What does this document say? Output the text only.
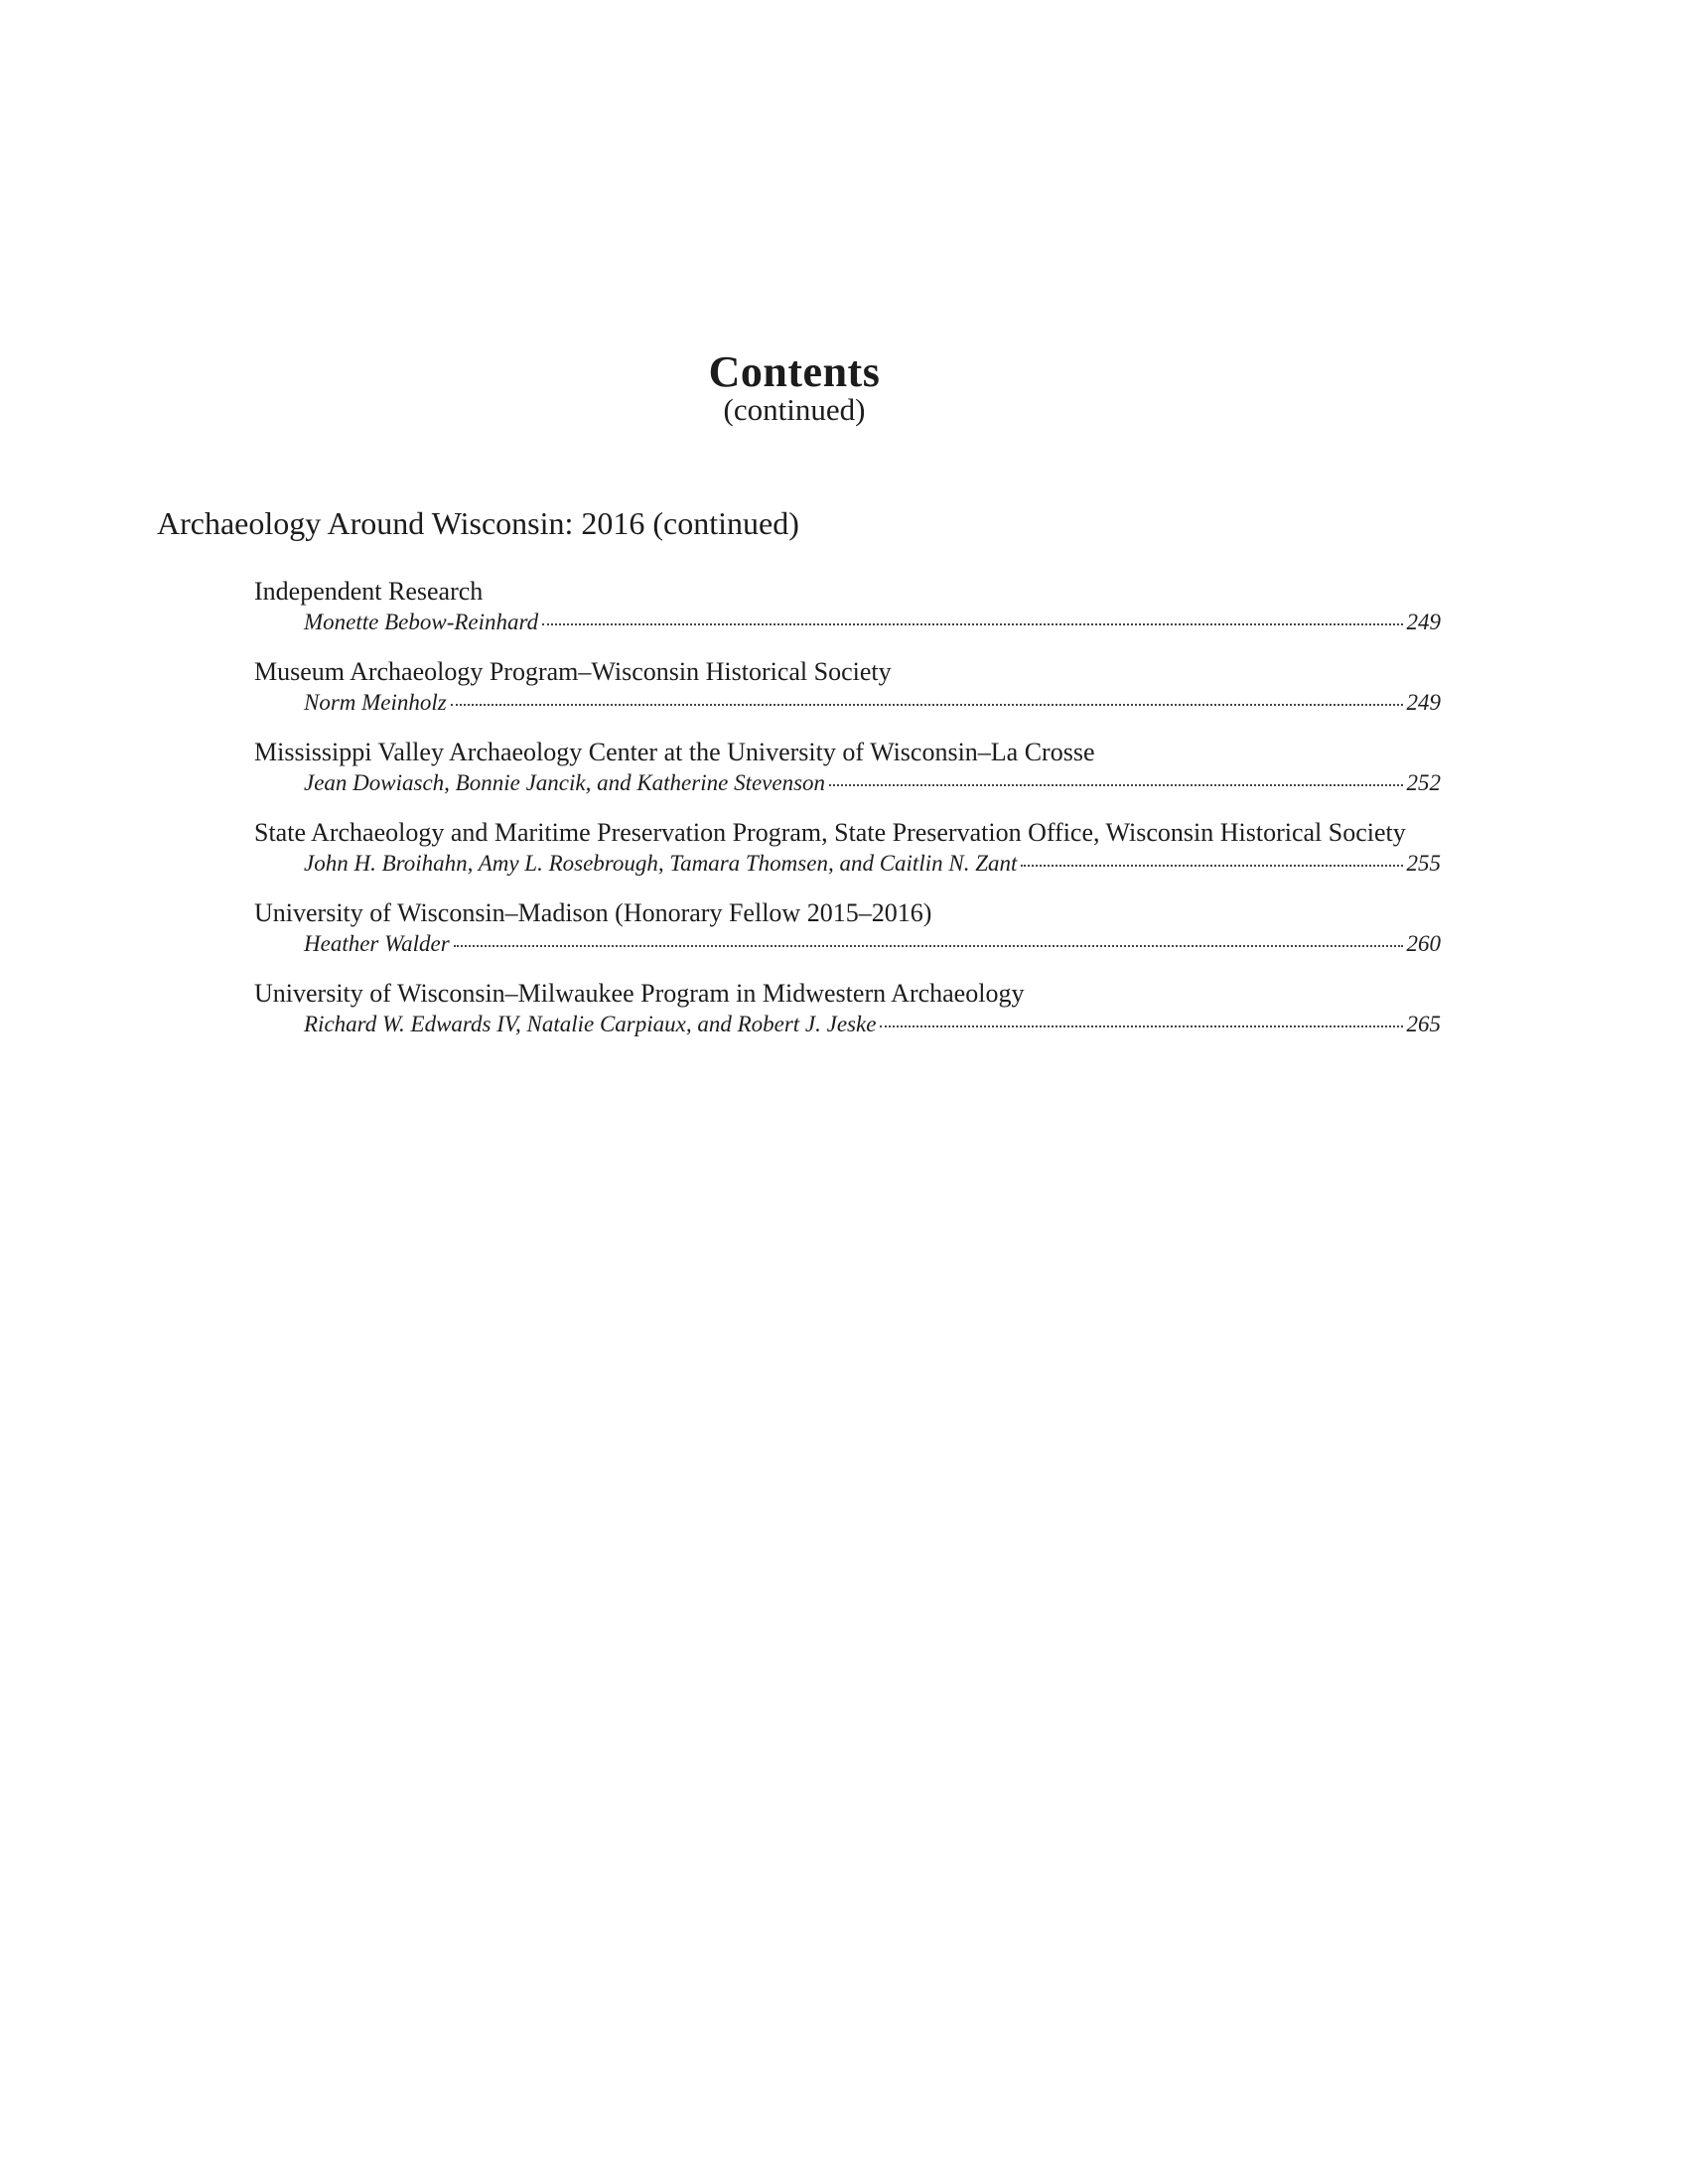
Contents
(continued)
Archaeology Around Wisconsin: 2016 (continued)
Independent Research
Monette Bebow-Reinhard	249
Museum Archaeology Program–Wisconsin Historical Society
Norm Meinholz	249
Mississippi Valley Archaeology Center at the University of Wisconsin–La Crosse
Jean Dowiasch, Bonnie Jancik, and Katherine Stevenson	252
State Archaeology and Maritime Preservation Program, State Preservation Office, Wisconsin Historical Society
John H. Broihahn, Amy L. Rosebrough, Tamara Thomsen, and Caitlin N. Zant	255
University of Wisconsin–Madison (Honorary Fellow 2015–2016)
Heather Walder	260
University of Wisconsin–Milwaukee Program in Midwestern Archaeology
Richard W. Edwards IV, Natalie Carpiaux, and Robert J. Jeske	265
